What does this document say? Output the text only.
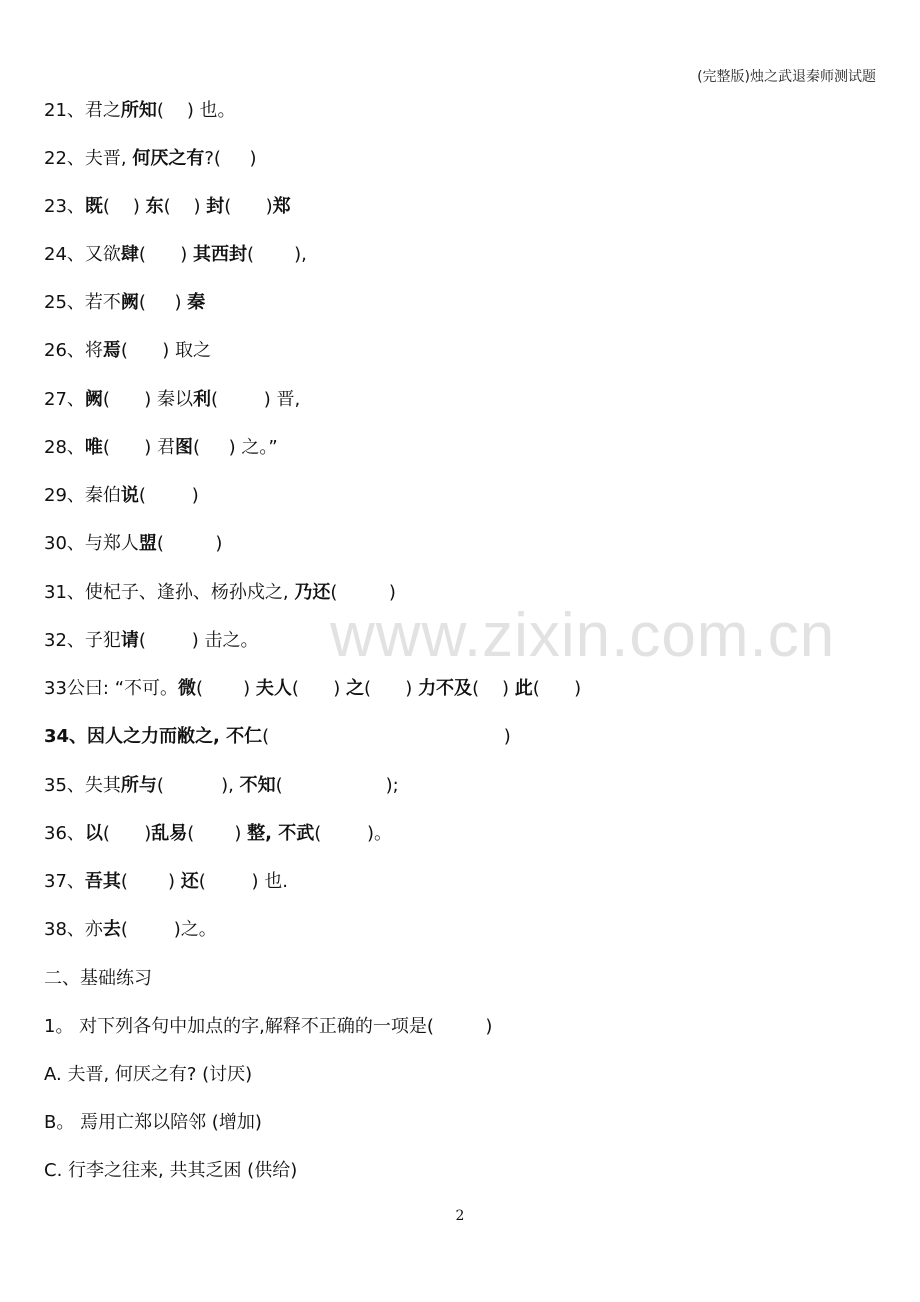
(完整版)烛之武退秦师测试题
21、君之所知(    ) 也。
22、夫晋, 何厌之有?(     )
23、既(    ) 东(    ) 封(      )郑
24、又欲肆(      ) 其西封(       ),
25、若不阙(     ) 秦
26、将焉(      ) 取之
27、阙(      ) 秦以利(        ) 晋,
28、唯(      ) 君图(     ) 之。”
29、秦伯说(        )
30、与郑人盟(         )
31、使杞子、逢孙、杨孙戍之, 乃还(         )
32、子犯请(        ) 击之。
33公曰: “不可。微(       ) 夫人(      ) 之(      ) 力不及(    ) 此(      )
34、因人之力而敝之, 不仁(                                         )
35、失其所与(          ), 不知(                  );
36、以(      )乱易(       ) 整, 不武(        )。
37、吾其(       ) 还(        ) 也.
38、亦去(        )之。
二、基础练习
1。 对下列各句中加点的字,解释不正确的一项是(         )
A. 夫晋, 何厌之有? (讨厌)
B。 焉用亡郑以陪邻 (增加)
C. 行李之往来, 共其乏困 (供给)
www.zixin.com.cn
2
